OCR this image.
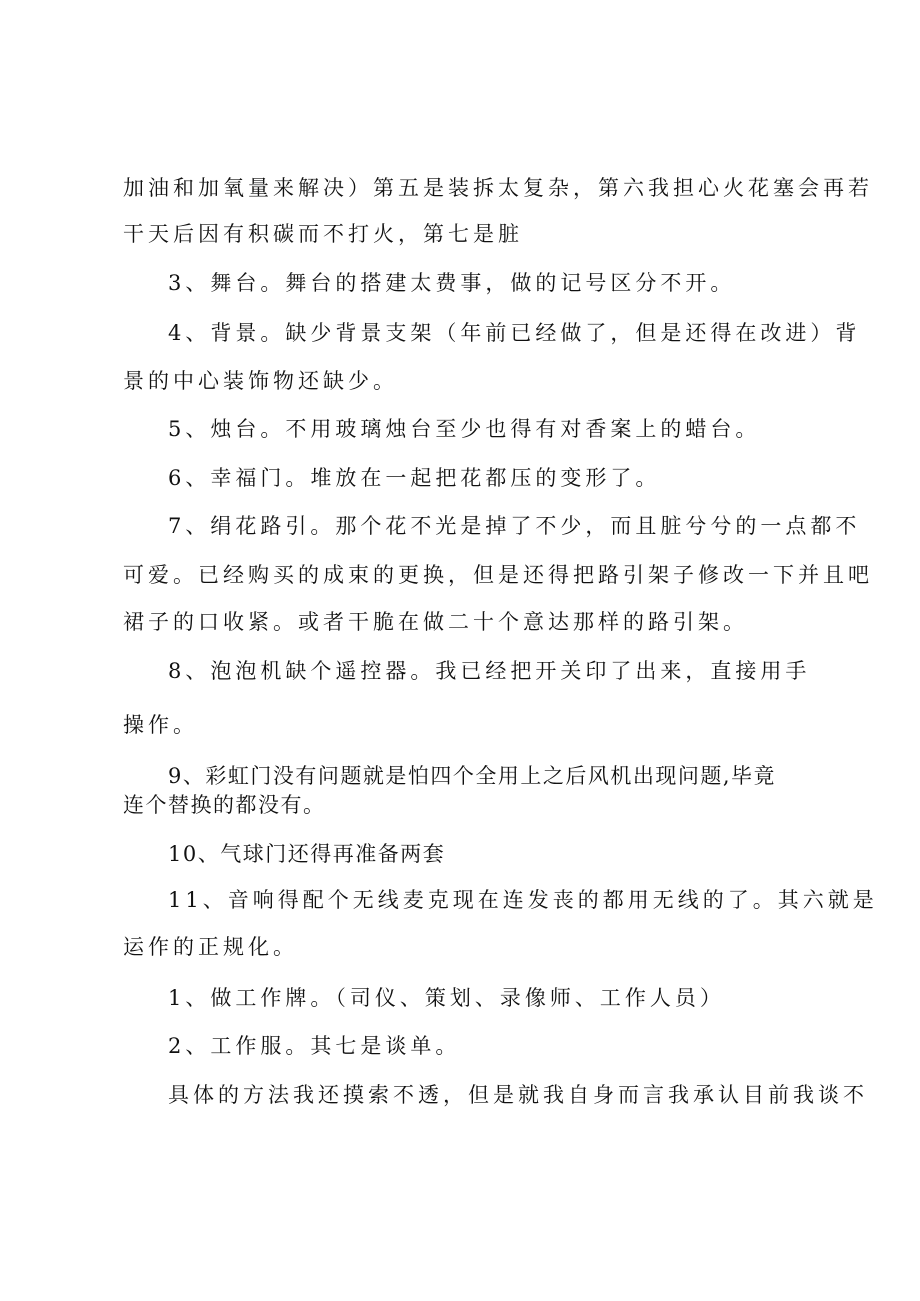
加油和加氧量来解决）第五是装拆太复杂，第六我担心火花塞会再若

干天后因有积碳而不打火，第七是脏

3、舞台。舞台的搭建太费事，做的记号区分不开。

4、背景。缺少背景支架（年前已经做了，但是还得在改进）背

景的中心装饰物还缺少。

5、烛台。不用玻璃烛台至少也得有对香案上的蜡台。

6、幸福门。堆放在一起把花都压的变形了。

7、绢花路引。那个花不光是掉了不少，而且脏兮兮的一点都不

可爱。已经购买的成束的更换，但是还得把路引架子修改一下并且吧

裙子的口收紧。或者干脆在做二十个意达那样的路引架。

8、泡泡机缺个遥控器。我已经把开关印了出来，直接用手

操作。

9、彩虹门没有问题就是怕四个全用上之后风机出现问题,毕竟

连个替换的都没有。

10、气球门还得再准备两套

11、音响得配个无线麦克现在连发丧的都用无线的了。其六就是

运作的正规化。

1、做工作牌。（司仪、策划、录像师、工作人员）

2、工作服。其七是谈单。

具体的方法我还摸索不透，但是就我自身而言我承认目前我谈不
